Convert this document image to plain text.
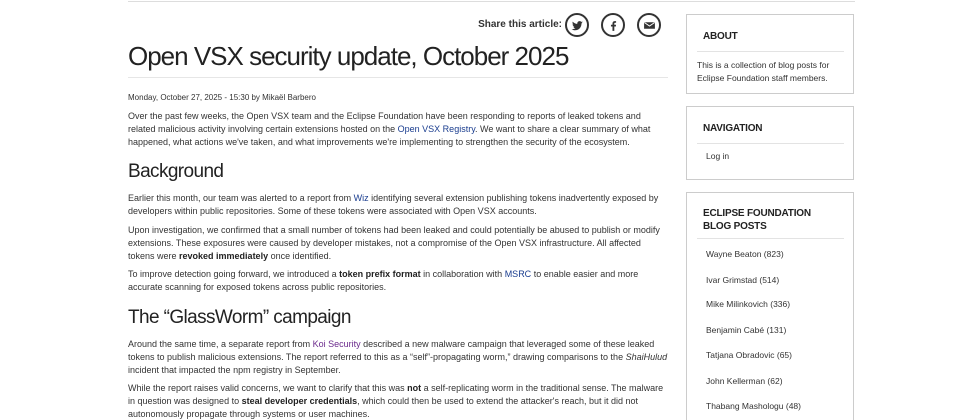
Share this article:
Open VSX security update, October 2025
Monday, October 27, 2025 - 15:30 by Mikaël Barbero

Over the past few weeks, the Open VSX team and the Eclipse Foundation have been responding to reports of leaked tokens and related malicious activity involving certain extensions hosted on the Open VSX Registry. We want to share a clear summary of what happened, what actions we've taken, and what improvements we're implementing to strengthen the security of the ecosystem.

Background

Earlier this month, our team was alerted to a report from Wiz identifying several extension publishing tokens inadvertently exposed by developers within public repositories. Some of these tokens were associated with Open VSX accounts.

Upon investigation, we confirmed that a small number of tokens had been leaked and could potentially be abused to publish or modify extensions. These exposures were caused by developer mistakes, not a compromise of the Open VSX infrastructure. All affected tokens were revoked immediately once identified.

To improve detection going forward, we introduced a token prefix format in collaboration with MSRC to enable easier and more accurate scanning for exposed tokens across public repositories.

The “GlassWorm” campaign

Around the same time, a separate report from Koi Security described a new malware campaign that leveraged some of these leaked tokens to publish malicious extensions. The report referred to this as a “self”-propagating worm,” drawing comparisons to the ShaiHulud incident that impacted the npm registry in September.

While the report raises valid concerns, we want to clarify that this was not a self-replicating worm in the traditional sense. The malware in question was designed to steal developer credentials, which could then be used to extend the attacker's reach, but it did not autonomously propagate through systems or user machines.

ABOUT
This is a collection of blog posts for Eclipse Foundation staff members.
NAVIGATION
Log in
ECLIPSE FOUNDATION
BLOG POSTS
Wayne Beaton (823)
Ivar Grimstad (514)
Mike Milinkovich (336)
Benjamin Cabé (131)
Tatjana Obradovic (65)
John Kellerman (62)
Thabang Mashologu (48)
